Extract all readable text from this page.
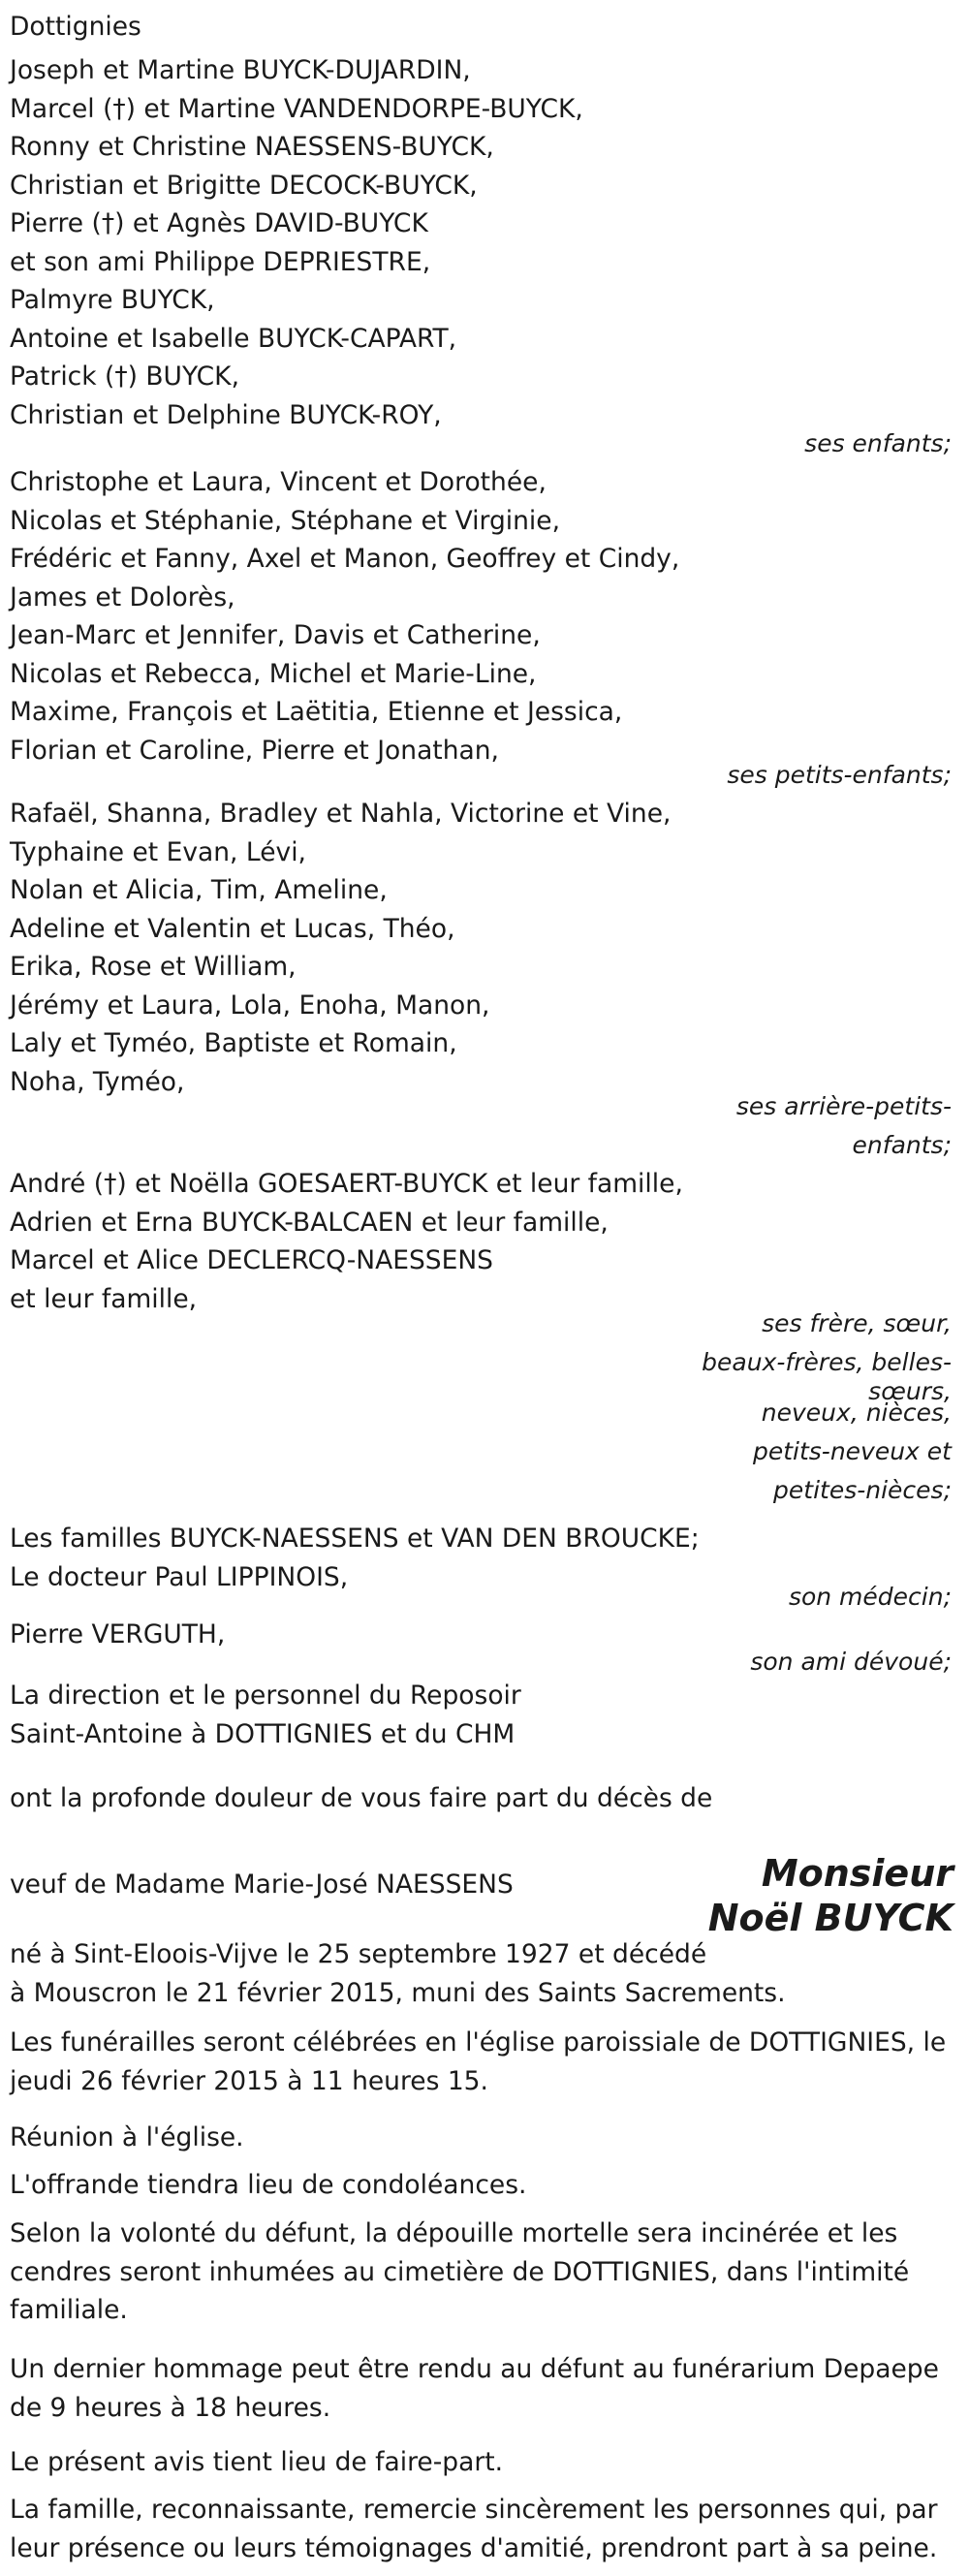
Dottignies
Joseph et Martine BUYCK-DUJARDIN,
Marcel (†) et Martine VANDENDORPE-BUYCK,
Ronny et Christine NAESSENS-BUYCK,
Christian et Brigitte DECOCK-BUYCK,
Pierre (†) et Agnès DAVID-BUYCK
et son ami Philippe DEPRIESTRE,
Palmyre BUYCK,
Antoine et Isabelle BUYCK-CAPART,
Patrick (†) BUYCK,
Christian et Delphine BUYCK-ROY,
ses enfants;
Christophe et Laura, Vincent et Dorothée,
Nicolas et Stéphanie, Stéphane et Virginie,
Frédéric et Fanny, Axel et Manon, Geoffrey et Cindy,
James et Dolorès,
Jean-Marc et Jennifer, Davis et Catherine,
Nicolas et Rebecca, Michel et Marie-Line,
Maxime, François et Laëtitia, Etienne et Jessica,
Florian et Caroline, Pierre et Jonathan,
ses petits-enfants;
Rafaël, Shanna, Bradley et Nahla, Victorine et Vine,
Typhaine et Evan, Lévi,
Nolan et Alicia, Tim, Ameline,
Adeline et Valentin et Lucas, Théo,
Erika, Rose et William,
Jérémy et Laura, Lola, Enoha, Manon,
Laly et Tyméo, Baptiste et Romain,
Noha, Tyméo,
ses arrière-petits-
enfants;
André (†) et Noëlla GOESAERT-BUYCK et leur famille,
Adrien et Erna BUYCK-BALCAEN et leur famille,
Marcel et Alice DECLERCQ-NAESSENS
et leur famille,
ses frère, sœur,
beaux-frères, belles-
sœurs,
neveux, nièces,
petits-neveux et
petites-nièces;
Les familles BUYCK-NAESSENS et VAN DEN BROUCKE;
Le docteur Paul LIPPINOIS,
son médecin;
Pierre VERGUTH,
son ami dévoué;
La direction et le personnel du Reposoir
Saint-Antoine à DOTTIGNIES et du CHM
ont la profonde douleur de vous faire part du décès de
Monsieur
Noël BUYCK
veuf de Madame Marie-José NAESSENS
né à Sint-Eloois-Vijve le 25 septembre 1927 et décédé
à Mouscron le 21 février 2015, muni des Saints Sacrements.
Les funérailles seront célébrées en l'église paroissiale de DOTTIGNIES, le jeudi 26 février 2015 à 11 heures 15.
Réunion à l'église.
L'offrande tiendra lieu de condoléances.
Selon la volonté du défunt, la dépouille mortelle sera incinérée et les cendres seront inhumées au cimetière de DOTTIGNIES, dans l'intimité familiale.
Un dernier hommage peut être rendu au défunt au funérarium Depaepe de 9 heures à 18 heures.
Le présent avis tient lieu de faire-part.
La famille, reconnaissante, remercie sincèrement les personnes qui, par leur présence ou leurs témoignages d'amitié, prendront part à sa peine.
